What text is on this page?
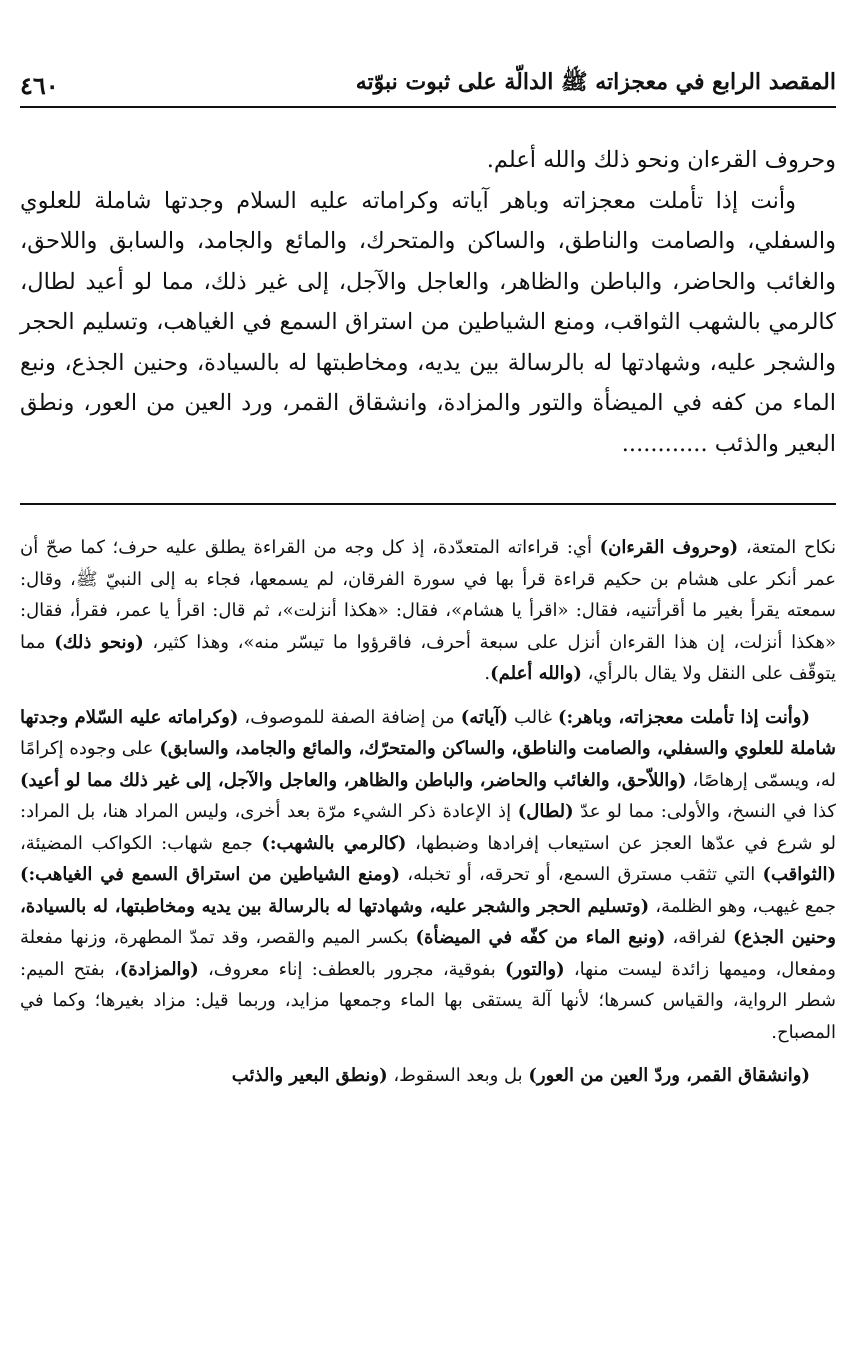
المقصد الرابع في معجزاته ﷺ الدالّة على ثبوت نبوّته
٤٦٠

وحروف القرءان ونحو ذلك والله أعلم.

وأنت إذا تأملت معجزاته وباهر آياته وكراماته عليه السلام وجدتها شاملة للعلوي والسفلي، والصامت والناطق، والساكن والمتحرك، والمائع والجامد، والسابق واللاحق، والغائب والحاضر، والباطن والظاهر، والعاجل والآجل، إلى غير ذلك، مما لو أعيد لطال، كالرمي بالشهب الثواقب، ومنع الشياطين من استراق السمع في الغياهب، وتسليم الحجر والشجر عليه، وشهادتها له بالرسالة بين يديه، ومخاطبتها له بالسيادة، وحنين الجذع، ونبع الماء من كفه في الميضأة والتور والمزادة، وانشقاق القمر، ورد العين من العور، ونطق البعير والذئب ............

نكاح المتعة، (وحروف القرءان) أي: قراءاته المتعدّدة، إذ كل وجه من القراءة يطلق عليه حرف؛ كما صحّ أن عمر أنكر على هشام بن حكيم قراءة قرأ بها في سورة الفرقان، لم يسمعها، فجاء به إلى النبيّ ﷺ، وقال: سمعته يقرأ بغير ما أقرأتنيه، فقال: «اقرأ يا هشام»، فقال: «هكذا أنزلت»، ثم قال: اقرأ يا عمر، فقرأ، فقال: «هكذا أنزلت، إن هذا القرءان أنزل على سبعة أحرف، فاقرؤوا ما تيسّر منه»، وهذا كثير، (ونحو ذلك) مما يتوقّف على النقل ولا يقال بالرأي، (والله أعلم).

(وأنت إذا تأملت معجزاته، وباهر:) غالب (آياته) من إضافة الصفة للموصوف، (وكراماته عليه السّلام وجدتها شاملة للعلوي والسفلي، والصامت والناطق، والساكن والمتحرّك، والمائع والجامد، والسابق) على وجوده إكرامًا له، ويسمّى إرهاصًا، (واللاّحق، والغائب والحاضر، والباطن والظاهر، والعاجل والآجل، إلى غير ذلك مما لو أعيد) كذا في النسخ، والأولى: مما لو عدّ (لطال) إذ الإعادة ذكر الشيء مرّة بعد أخرى، وليس المراد هنا، بل المراد: لو شرع في عدّها العجز عن استيعاب إفرادها وضبطها، (كالرمي بالشهب:) جمع شهاب: الكواكب المضيئة، (الثواقب) التي تثقب مسترق السمع، أو تحرقه، أو تخبله، (ومنع الشياطين من استراق السمع في الغياهب:) جمع غيهب، وهو الظلمة، (وتسليم الحجر والشجر عليه، وشهادتها له بالرسالة بين يديه ومخاطبتها، له بالسيادة، وحنين الجذع) لفراقه، (ونبع الماء من كفّه في الميضأة) بكسر الميم والقصر، وقد تمدّ المطهرة، وزنها مفعلة ومفعال، وميمها زائدة ليست منها، (والتور) بفوقية، مجرور بالعطف: إناء معروف، (والمزادة)، بفتح الميم: شطر الرواية، والقياس كسرها؛ لأنها آلة يستقى بها الماء وجمعها مزايد، وربما قيل: مزاد بغيرها؛ وكما في المصباح.

(وانشقاق القمر، وردّ العين من العور) بل وبعد السقوط، (ونطق البعير والذئب
